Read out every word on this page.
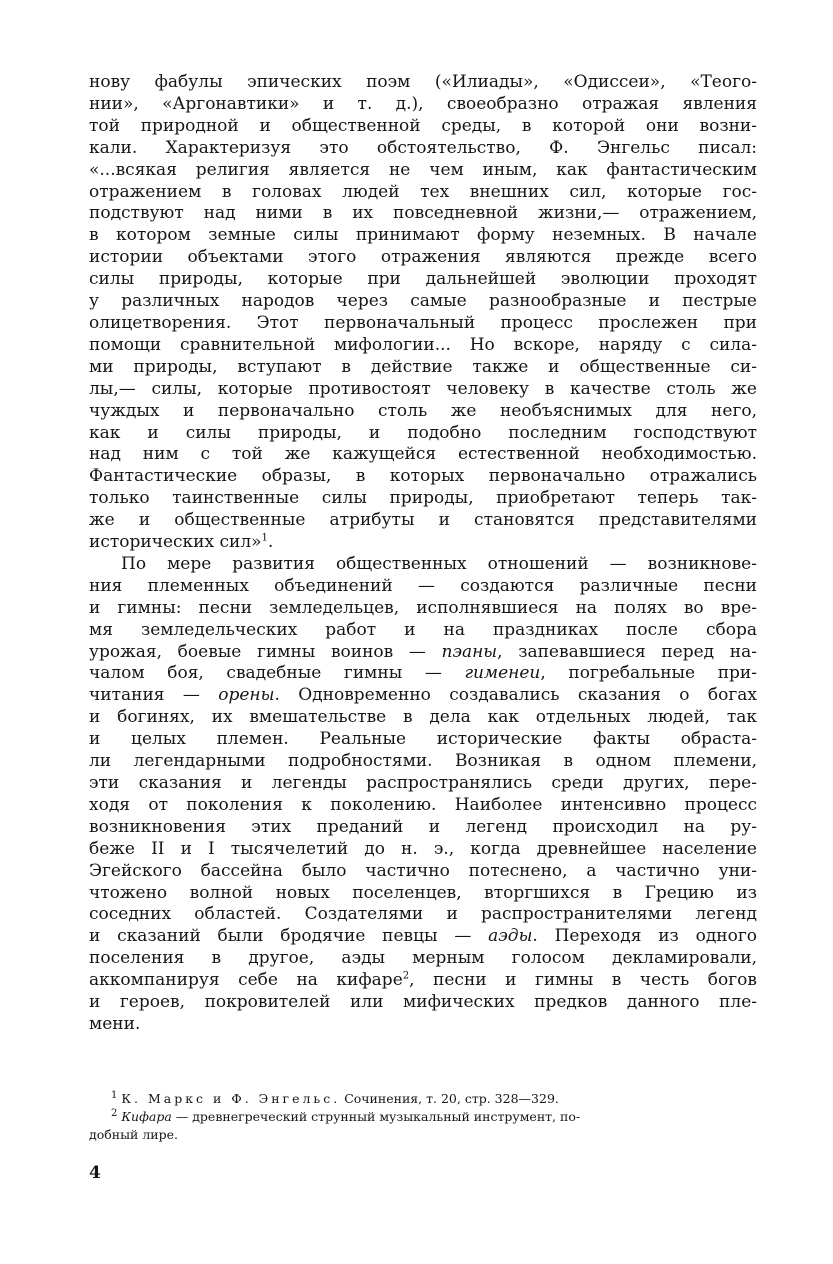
нову фабулы эпических поэм («Илиады», «Одиссеи», «Теого-
нии», «Аргонавтики» и т. д.), своеобразно отражая явления
той природной и общественной среды, в которой они возни-
кали. Характеризуя это обстоятельство, Ф. Энгельс писал:
«...всякая религия является не чем иным, как фантастическим
отражением в головах людей тех внешних сил, которые гос-
подствуют над ними в их повседневной жизни,— отражением,
в котором земные силы принимают форму неземных. В начале
истории объектами этого отражения являются прежде всего
силы природы, которые при дальнейшей эволюции проходят
у различных народов через самые разнообразные и пестрые
олицетворения. Этот первоначальный процесс прослежен при
помощи сравнительной мифологии... Но вскоре, наряду с сила-
ми природы, вступают в действие также и общественные си-
лы,— силы, которые противостоят человеку в качестве столь же
чуждых и первоначально столь же необъяснимых для него,
как и силы природы, и подобно последним господствуют
над ним с той же кажущейся естественной необходимостью.
Фантастические образы, в которых первоначально отражались
только таинственные силы природы, приобретают теперь так-
же и общественные атрибуты и становятся представителями
исторических сил»$^1$.

По мере развития общественных отношений — возникнове-
ния племенных объединений — создаются различные песни
и гимны: песни земледельцев, исполнявшиеся на полях во вре-
мя земледельческих работ и на праздниках после сбора
урожая, боевые гимны воинов — пэаны, запевавшиеся перед на-
чалом боя, свадебные гимны — гименеи, погребальные при-
читания — орены. Одновременно создавались сказания о богах
и богинях, их вмешательстве в дела как отдельных людей, так
и целых племен. Реальные исторические факты обраста-
ли легендарными подробностями. Возникая в одном племени,
эти сказания и легенды распространялись среди других, пере-
ходя от поколения к поколению. Наиболее интенсивно процесс
возникновения этих преданий и легенд происходил на ру-
беже II и I тысячелетий до н. э., когда древнейшее население
Эгейского бассейна было частично потеснено, а частично уни-
чтожено волной новых поселенцев, вторгшихся в Грецию из
соседних областей. Создателями и распространителями легенд
и сказаний были бродячие певцы — аэды. Переходя из одного
поселения в другое, аэды мерным голосом декламировали,
аккомпанируя себе на кифаре$^2$, песни и гимны в честь богов
и героев, покровителей или мифических предков данного пле-
мени.

$^1$ К. Маркс и Ф. Энгельс. Сочинения, т. 20, стр. 328—329.

$^2$ Кифара — древнегреческий струнный музыкальный инструмент, по-

добный лире.

4
